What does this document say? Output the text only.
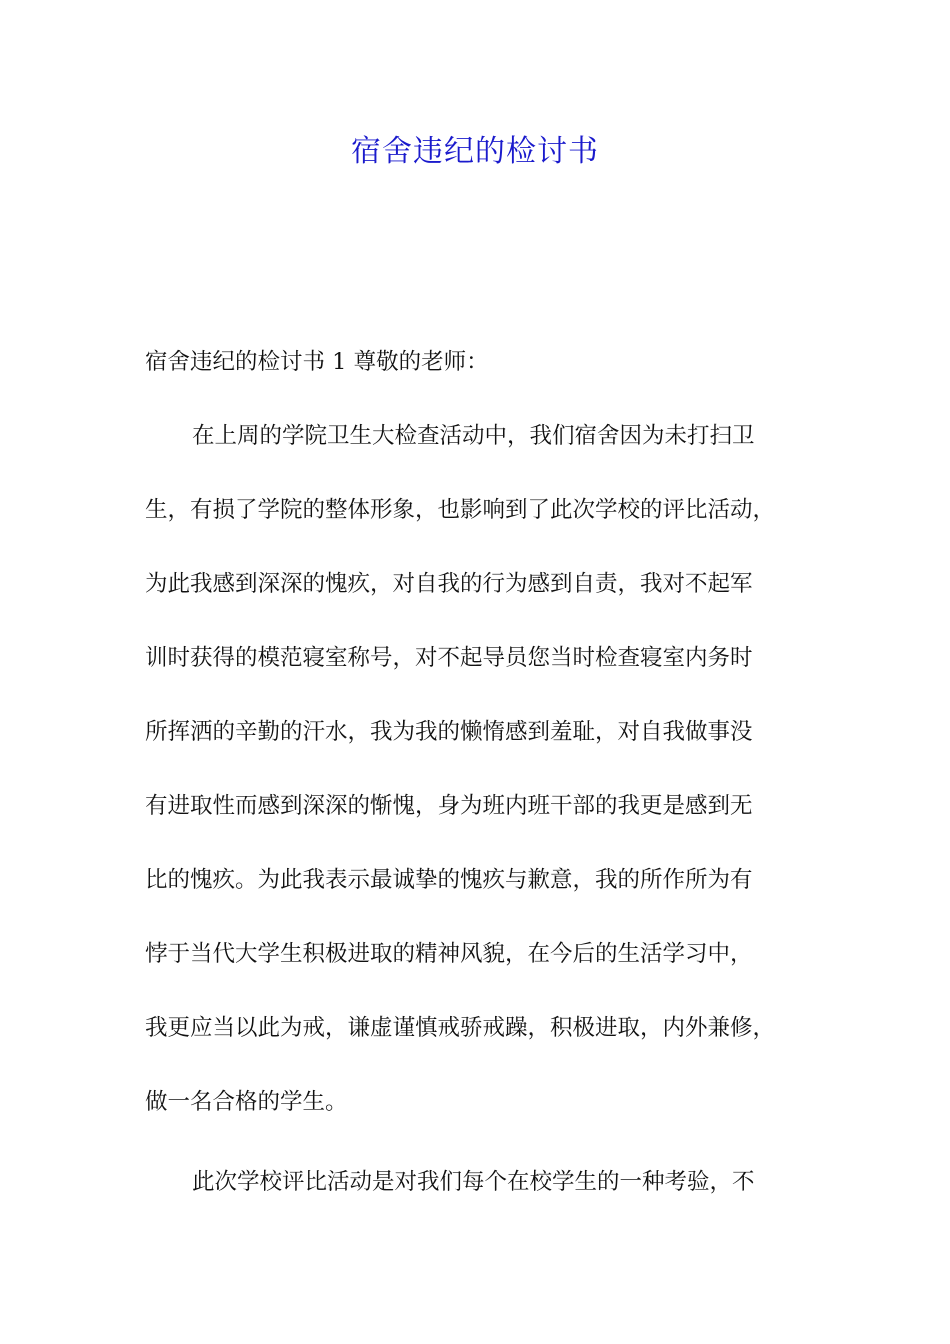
宿舍违纪的检讨书
宿舍违纪的检讨书 1 尊敬的老师：
在上周的学院卫生大检查活动中，我们宿舍因为未打扫卫
生，有损了学院的整体形象，也影响到了此次学校的评比活动，
为此我感到深深的愧疚，对自我的行为感到自责，我对不起军
训时获得的模范寝室称号，对不起导员您当时检查寝室内务时
所挥洒的辛勤的汗水，我为我的懒惰感到羞耻，对自我做事没
有进取性而感到深深的惭愧，身为班内班干部的我更是感到无
比的愧疚。为此我表示最诚挚的愧疚与歉意，我的所作所为有
悖于当代大学生积极进取的精神风貌，在今后的生活学习中，
我更应当以此为戒，谦虚谨慎戒骄戒躁，积极进取，内外兼修，
做一名合格的学生。
此次学校评比活动是对我们每个在校学生的一种考验，不
